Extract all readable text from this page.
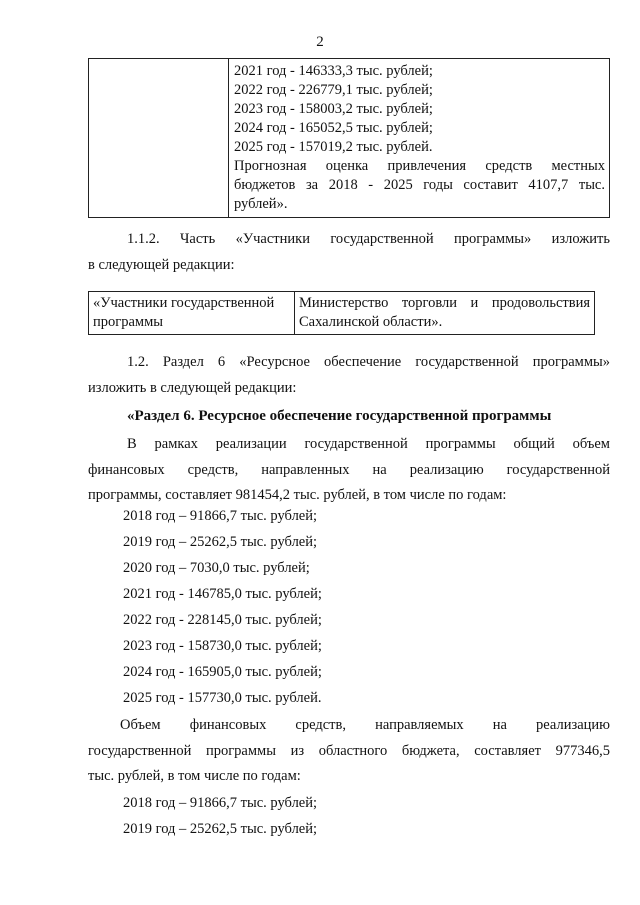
2

2021 год - 146333,3 тыс. рублей;
2022 год - 226779,1 тыс. рублей;
2023 год - 158003,2 тыс. рублей;
2024 год - 165052,5 тыс. рублей;
2025 год - 157019,2 тыс. рублей.
Прогнозная оценка привлечения средств местных
бюджетов за 2018 - 2025 годы составит 4107,7 тыс.
рублей».
1.1.2. Часть «Участники государственной программы» изложить
в следующей редакции:
«Участники государственной
программы

Министерство торговли и продовольствия
Сахалинской области».
1.2. Раздел 6 «Ресурсное обеспечение государственной программы»
изложить в следующей редакции:
«Раздел 6. Ресурсное обеспечение государственной программы
В рамках реализации государственной программы общий объем
финансовых средств, направленных на реализацию государственной
программы, составляет 981454,2 тыс. рублей, в том числе по годам:
2018 год – 91866,7 тыс. рублей;
2019 год – 25262,5 тыс. рублей;
2020 год – 7030,0 тыс. рублей;
2021 год - 146785,0 тыс. рублей;
2022 год - 228145,0 тыс. рублей;
2023 год - 158730,0 тыс. рублей;
2024 год - 165905,0 тыс. рублей;
2025 год - 157730,0 тыс. рублей.
Объем финансовых средств, направляемых на реализацию
государственной программы из областного бюджета, составляет 977346,5
тыс. рублей, в том числе по годам:
2018 год – 91866,7 тыс. рублей;
2019 год – 25262,5 тыс. рублей;
